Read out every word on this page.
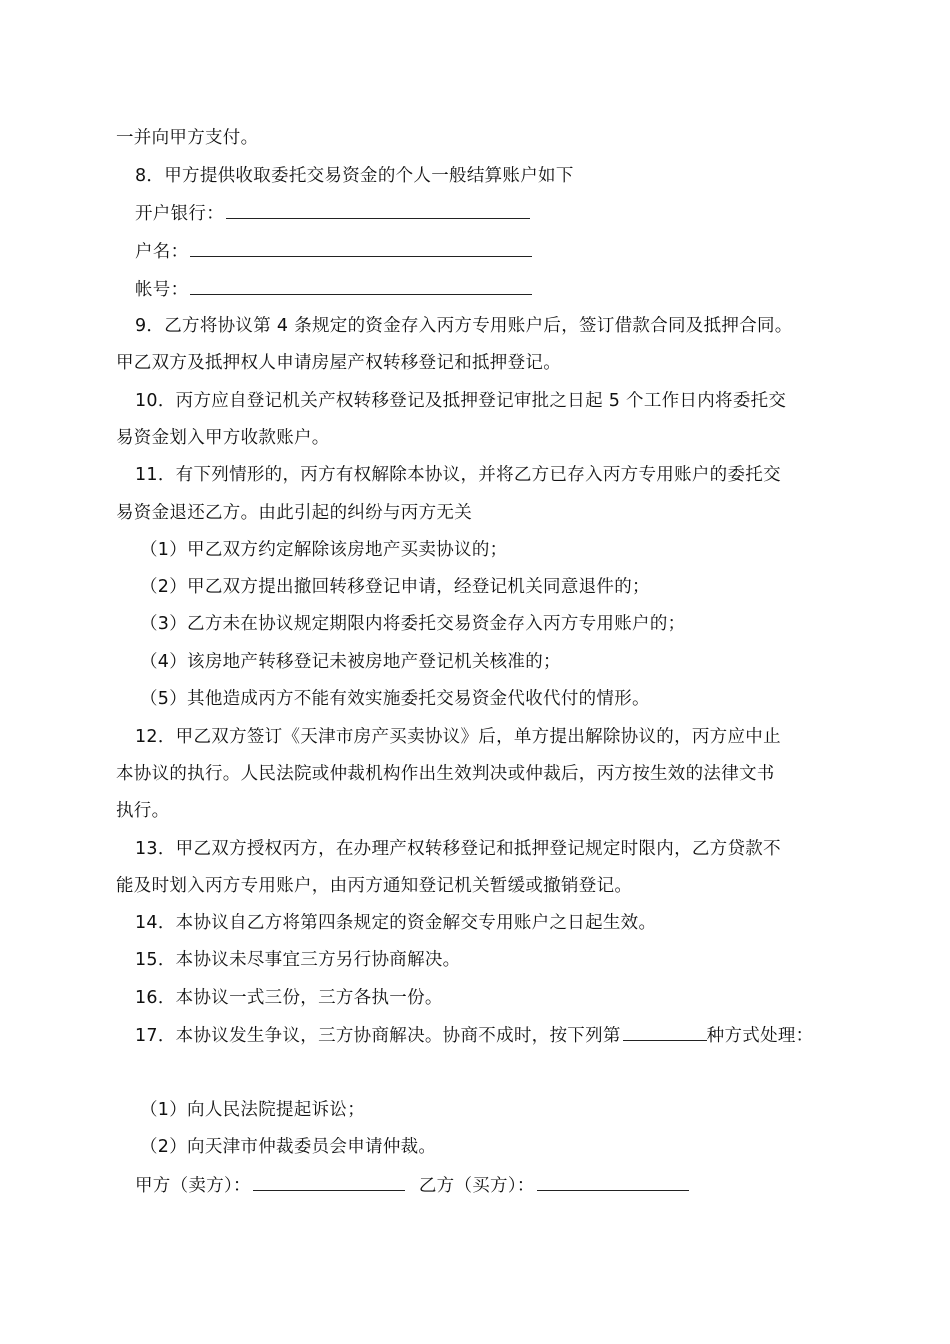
一并向甲方支付。
8．甲方提供收取委托交易资金的个人一般结算账户如下
开户银行：
户名：
帐号：
9．乙方将协议第 4 条规定的资金存入丙方专用账户后，签订借款合同及抵押合同。
甲乙双方及抵押权人申请房屋产权转移登记和抵押登记。
10．丙方应自登记机关产权转移登记及抵押登记审批之日起 5 个工作日内将委托交
易资金划入甲方收款账户。
11．有下列情形的，丙方有权解除本协议，并将乙方已存入丙方专用账户的委托交
易资金退还乙方。由此引起的纠纷与丙方无关
（1）甲乙双方约定解除该房地产买卖协议的；
（2）甲乙双方提出撤回转移登记申请，经登记机关同意退件的；
（3）乙方未在协议规定期限内将委托交易资金存入丙方专用账户的；
（4）该房地产转移登记未被房地产登记机关核准的；
（5）其他造成丙方不能有效实施委托交易资金代收代付的情形。
12．甲乙双方签订《天津市房产买卖协议》后，单方提出解除协议的，丙方应中止
本协议的执行。人民法院或仲裁机构作出生效判决或仲裁后，丙方按生效的法律文书
执行。
13．甲乙双方授权丙方，在办理产权转移登记和抵押登记规定时限内，乙方贷款不
能及时划入丙方专用账户，由丙方通知登记机关暂缓或撤销登记。
14．本协议自乙方将第四条规定的资金解交专用账户之日起生效。
15．本协议未尽事宜三方另行协商解决。
16．本协议一式三份，三方各执一份。
17．本协议发生争议，三方协商解决。协商不成时，按下列第	种方式处理：
（1）向人民法院提起诉讼；
（2）向天津市仲裁委员会申请仲裁。
甲方（卖方）：	乙方（买方）：
